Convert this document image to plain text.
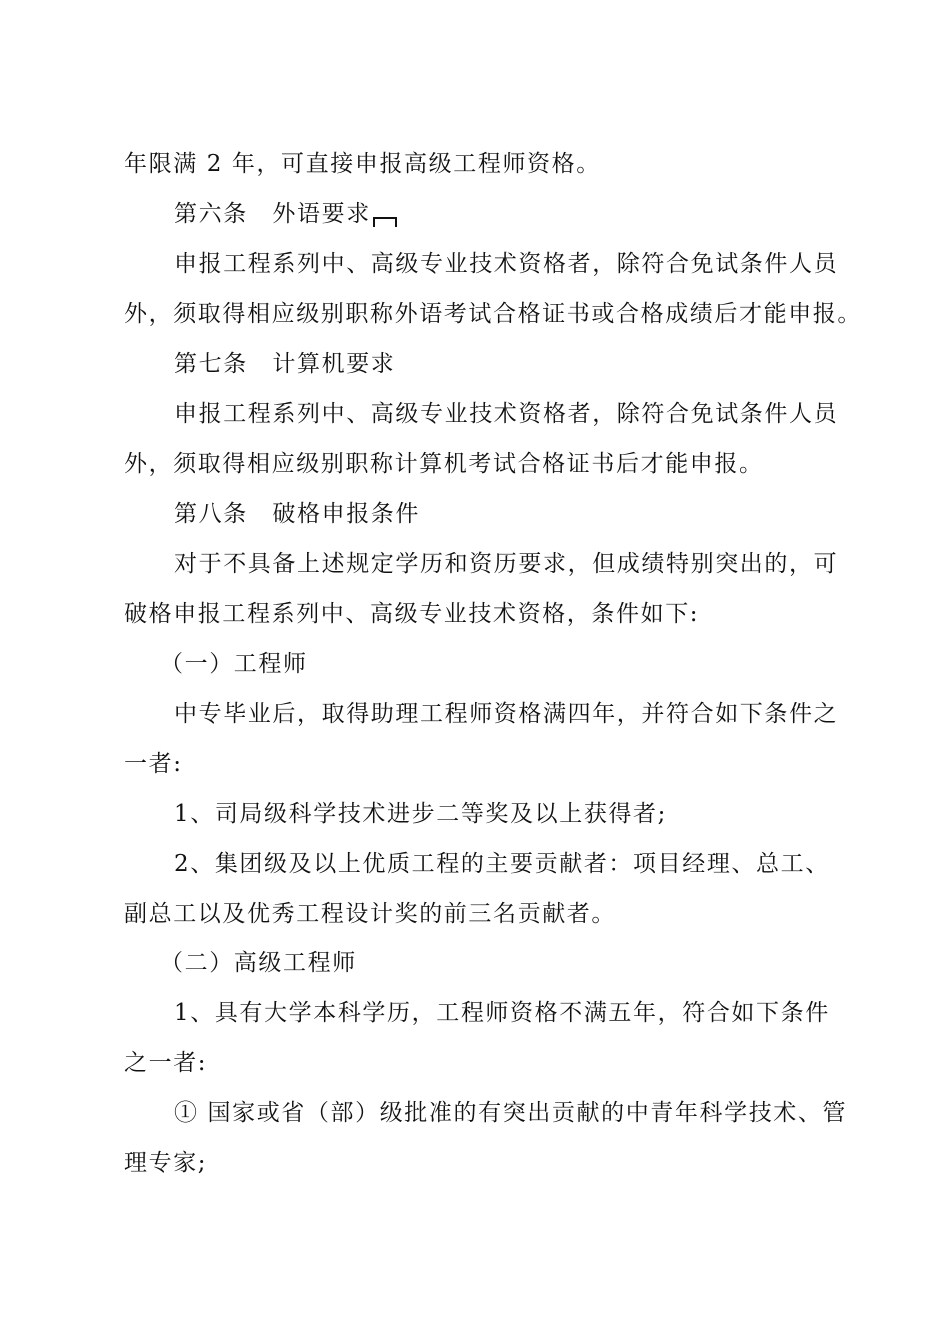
年限满 2 年，可直接申报高级工程师资格。
第六条　外语要求
申报工程系列中、高级专业技术资格者，除符合免试条件人员
外，须取得相应级别职称外语考试合格证书或合格成绩后才能申报。
第七条　计算机要求
申报工程系列中、高级专业技术资格者，除符合免试条件人员
外，须取得相应级别职称计算机考试合格证书后才能申报。
第八条　破格申报条件
对于不具备上述规定学历和资历要求，但成绩特别突出的，可
破格申报工程系列中、高级专业技术资格，条件如下:
（一）工程师
中专毕业后，取得助理工程师资格满四年，并符合如下条件之
一者:
1、司局级科学技术进步二等奖及以上获得者;
2、集团级及以上优质工程的主要贡献者：项目经理、总工、
副总工以及优秀工程设计奖的前三名贡献者。
（二）高级工程师
1、具有大学本科学历，工程师资格不满五年，符合如下条件
之一者:
① 国家或省（部）级批准的有突出贡献的中青年科学技术、管
理专家;
